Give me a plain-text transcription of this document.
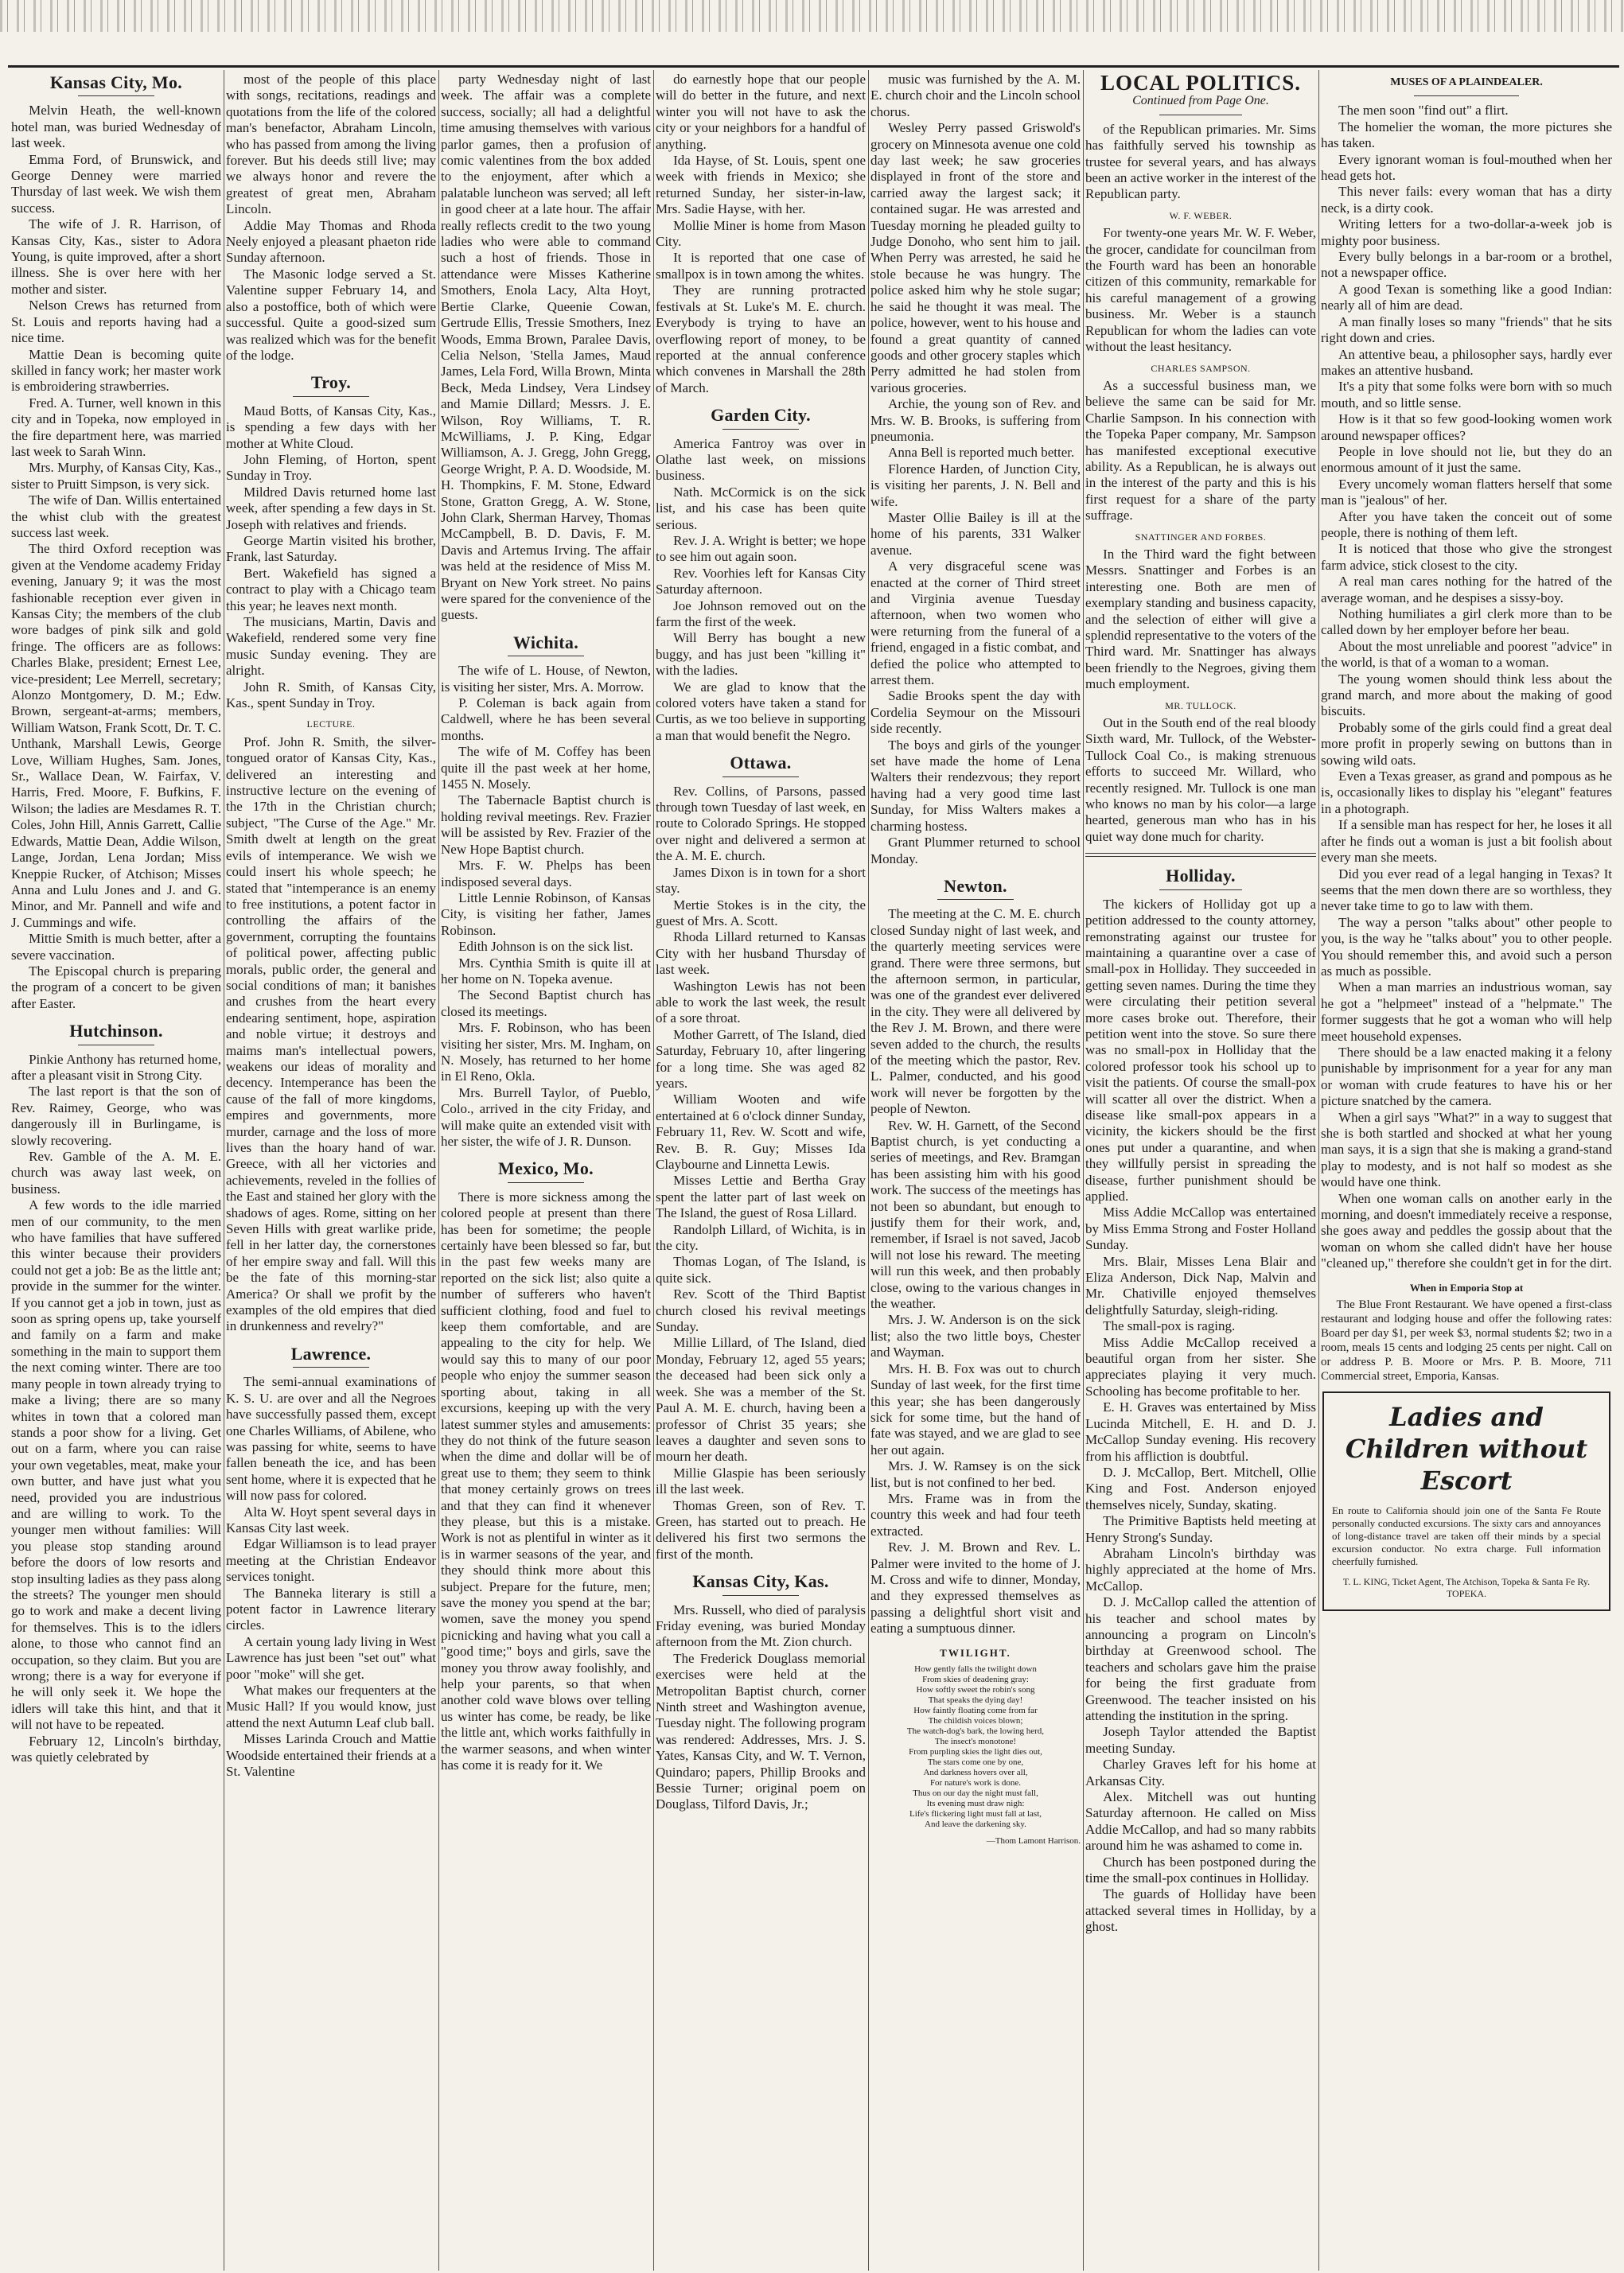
Kansas City, Mo.

Melvin Heath, the well-known hotel man, was buried Wednesday of last week.

Emma Ford, of Brunswick, and George Denney were married Thursday of last week. We wish them success.

The wife of J. R. Harrison, of Kansas City, Kas., sister to Adora Young, is quite improved, after a short illness. She is over here with her mother and sister.

Nelson Crews has returned from St. Louis and reports having had a nice time.

Mattie Dean is becoming quite skilled in fancy work; her master work is embroidering strawberries.

Fred. A. Turner, well known in this city and in Topeka, now employed in the fire department here, was married last week to Sarah Winn.

Mrs. Murphy, of Kansas City, Kas., sister to Pruitt Simpson, is very sick.

The wife of Dan. Willis entertained the whist club with the greatest success last week.

The third Oxford reception was given at the Vendome academy Friday evening, January 9; it was the most fashionable reception ever given in Kansas City; the members of the club wore badges of pink silk and gold fringe. The officers are as follows: Charles Blake, president; Ernest Lee, vice-president; Lee Merrell, secretary; Alonzo Montgomery, D. M.; Edw. Brown, sergeant-at-arms; members, William Watson, Frank Scott, Dr. T. C. Unthank, Marshall Lewis, George Love, William Hughes, Sam. Jones, Sr., Wallace Dean, W. Fairfax, V. Harris, Fred. Moore, F. Bufkins, F. Wilson; the ladies are Mesdames R. T. Coles, John Hill, Annis Garrett, Callie Edwards, Mattie Dean, Addie Wilson, Lange, Jordan, Lena Jordan; Miss Kneppie Rucker, of Atchison; Misses Anna and Lulu Jones and J. and G. Minor, and Mr. Pannell and wife and J. Cummings and wife.

Mittie Smith is much better, after a severe vaccination.

The Episcopal church is preparing the program of a concert to be given after Easter.

Hutchinson.

Pinkie Anthony has returned home, after a pleasant visit in Strong City.

The last report is that the son of Rev. Raimey, George, who was dangerously ill in Burlingame, is slowly recovering.

Rev. Gamble of the A. M. E. church was away last week, on business.

A few words to the idle married men of our community, to the men who have families that have suffered this winter because their providers could not get a job: Be as the little ant; provide in the summer for the winter. If you cannot get a job in town, just as soon as spring opens up, take yourself and family on a farm and make something in the main to support them the next coming winter. There are too many people in town already trying to make a living; there are so many whites in town that a colored man stands a poor show for a living. Get out on a farm, where you can raise your own vegetables, meat, make your own butter, and have just what you need, provided you are industrious and are willing to work. To the younger men without families: Will you please stop standing around before the doors of low resorts and stop insulting ladies as they pass along the streets? The younger men should go to work and make a decent living for themselves. This is to the idlers alone, to those who cannot find an occupation, so they claim. But you are wrong; there is a way for everyone if he will only seek it. We hope the idlers will take this hint, and that it will not have to be repeated.

February 12, Lincoln's birthday, was quietly celebrated by

most of the people of this place with songs, recitations, readings and quotations from the life of the colored man's benefactor, Abraham Lincoln, who has passed from among the living forever. But his deeds still live; may we always honor and revere the greatest of great men, Abraham Lincoln.

Addie May Thomas and Rhoda Neely enjoyed a pleasant phaeton ride Sunday afternoon.

The Masonic lodge served a St. Valentine supper February 14, and also a postoffice, both of which were successful. Quite a good-sized sum was realized which was for the benefit of the lodge.

Troy.

Maud Botts, of Kansas City, Kas., is spending a few days with her mother at White Cloud.

John Fleming, of Horton, spent Sunday in Troy.

Mildred Davis returned home last week, after spending a few days in St. Joseph with relatives and friends.

George Martin visited his brother, Frank, last Saturday.

Bert. Wakefield has signed a contract to play with a Chicago team this year; he leaves next month.

The musicians, Martin, Davis and Wakefield, rendered some very fine music Sunday evening. They are alright.

John R. Smith, of Kansas City, Kas., spent Sunday in Troy.

LECTURE.

Prof. John R. Smith, the silver-tongued orator of Kansas City, Kas., delivered an interesting and instructive lecture on the evening of the 17th in the Christian church; subject, "The Curse of the Age." Mr. Smith dwelt at length on the great evils of intemperance. We wish we could insert his whole speech; he stated that "intemperance is an enemy to free institutions, a potent factor in controlling the affairs of the government, corrupting the fountains of political power, affecting public morals, public order, the general and social conditions of man; it banishes and crushes from the heart every endearing sentiment, hope, aspiration and noble virtue; it destroys and maims man's intellectual powers, weakens our ideas of morality and decency. Intemperance has been the cause of the fall of more kingdoms, empires and governments, more murder, carnage and the loss of more lives than the hoary hand of war. Greece, with all her victories and achievements, reveled in the follies of the East and stained her glory with the shadows of ages. Rome, sitting on her Seven Hills with great warlike pride, fell in her latter day, the cornerstones of her empire sway and fall. Will this be the fate of this morning-star America? Or shall we profit by the examples of the old empires that died in drunkenness and revelry?"

Lawrence.

The semi-annual examinations of K. S. U. are over and all the Negroes have successfully passed them, except one Charles Williams, of Abilene, who was passing for white, seems to have fallen beneath the ice, and has been sent home, where it is expected that he will now pass for colored.

Alta W. Hoyt spent several days in Kansas City last week.

Edgar Williamson is to lead prayer meeting at the Christian Endeavor services tonight.

The Banneka literary is still a potent factor in Lawrence literary circles.

A certain young lady living in West Lawrence has just been "set out" what poor "moke" will she get.

What makes our frequenters at the Music Hall? If you would know, just attend the next Autumn Leaf club ball.

Misses Larinda Crouch and Mattie Woodside entertained their friends at a St. Valentine

party Wednesday night of last week. The affair was a complete success, socially; all had a delightful time amusing themselves with various parlor games, then a profusion of comic valentines from the box added to the enjoyment, after which a palatable luncheon was served; all left in good cheer at a late hour. The affair really reflects credit to the two young ladies who were able to command such a host of friends. Those in attendance were Misses Katherine Smothers, Enola Lacy, Alta Hoyt, Bertie Clarke, Queenie Cowan, Gertrude Ellis, Tressie Smothers, Inez Woods, Emma Brown, Paralee Davis, Celia Nelson, 'Stella James, Maud James, Lela Ford, Willa Brown, Minta Beck, Meda Lindsey, Vera Lindsey and Mamie Dillard; Messrs. J. E. Wilson, Roy Williams, T. R. McWilliams, J. P. King, Edgar Williamson, A. J. Gregg, John Gregg, George Wright, P. A. D. Woodside, M. H. Thompkins, F. M. Stone, Edward Stone, Gratton Gregg, A. W. Stone, John Clark, Sherman Harvey, Thomas McCampbell, B. D. Davis, F. M. Davis and Artemus Irving. The affair was held at the residence of Miss M. Bryant on New York street. No pains were spared for the convenience of the guests.

Wichita.

The wife of L. House, of Newton, is visiting her sister, Mrs. A. Morrow.

P. Coleman is back again from Caldwell, where he has been several months.

The wife of M. Coffey has been quite ill the past week at her home, 1455 N. Mosely.

The Tabernacle Baptist church is holding revival meetings. Rev. Frazier will be assisted by Rev. Frazier of the New Hope Baptist church.

Mrs. F. W. Phelps has been indisposed several days.

Little Lennie Robinson, of Kansas City, is visiting her father, James Robinson.

Edith Johnson is on the sick list.

Mrs. Cynthia Smith is quite ill at her home on N. Topeka avenue.

The Second Baptist church has closed its meetings.

Mrs. F. Robinson, who has been visiting her sister, Mrs. M. Ingham, on N. Mosely, has returned to her home in El Reno, Okla.

Mrs. Burrell Taylor, of Pueblo, Colo., arrived in the city Friday, and will make quite an extended visit with her sister, the wife of J. R. Dunson.

Mexico, Mo.

There is more sickness among the colored people at present than there has been for sometime; the people certainly have been blessed so far, but in the past few weeks many are reported on the sick list; also quite a number of sufferers who haven't sufficient clothing, food and fuel to keep them comfortable, and are appealing to the city for help. We would say this to many of our poor people who enjoy the summer season sporting about, taking in all excursions, keeping up with the very latest summer styles and amusements: they do not think of the future season when the dime and dollar will be of great use to them; they seem to think that money certainly grows on trees and that they can find it whenever they please, but this is a mistake. Work is not as plentiful in winter as it is in warmer seasons of the year, and they should think more about this subject. Prepare for the future, men; save the money you spend at the bar; women, save the money you spend picnicking and having what you call a "good time;" boys and girls, save the money you throw away foolishly, and help your parents, so that when another cold wave blows over telling us winter has come, be ready, be like the little ant, which works faithfully in the warmer seasons, and when winter has come it is ready for it. We

do earnestly hope that our people will do better in the future, and next winter you will not have to ask the city or your neighbors for a handful of anything.

Ida Hayse, of St. Louis, spent one week with friends in Mexico; she returned Sunday, her sister-in-law, Mrs. Sadie Hayse, with her.

Mollie Miner is home from Mason City.

It is reported that one case of smallpox is in town among the whites.

They are running protracted festivals at St. Luke's M. E. church. Everybody is trying to have an overflowing report of money, to be reported at the annual conference which convenes in Marshall the 28th of March.

Garden City.

America Fantroy was over in Olathe last week, on missions business.

Nath. McCormick is on the sick list, and his case has been quite serious.

Rev. J. A. Wright is better; we hope to see him out again soon.

Rev. Voorhies left for Kansas City Saturday afternoon.

Joe Johnson removed out on the farm the first of the week.

Will Berry has bought a new buggy, and has just been "killing it" with the ladies.

We are glad to know that the colored voters have taken a stand for Curtis, as we too believe in supporting a man that would benefit the Negro.

Ottawa.

Rev. Collins, of Parsons, passed through town Tuesday of last week, en route to Colorado Springs. He stopped over night and delivered a sermon at the A. M. E. church.

James Dixon is in town for a short stay.

Mertie Stokes is in the city, the guest of Mrs. A. Scott.

Rhoda Lillard returned to Kansas City with her husband Thursday of last week.

Washington Lewis has not been able to work the last week, the result of a sore throat.

Mother Garrett, of The Island, died Saturday, February 10, after lingering for a long time. She was aged 82 years.

William Wooten and wife entertained at 6 o'clock dinner Sunday, February 11, Rev. W. Scott and wife, Rev. B. R. Guy; Misses Ida Claybourne and Linnetta Lewis.

Misses Lettie and Bertha Gray spent the latter part of last week on The Island, the guest of Rosa Lillard.

Randolph Lillard, of Wichita, is in the city.

Thomas Logan, of The Island, is quite sick.

Rev. Scott of the Third Baptist church closed his revival meetings Sunday.

Millie Lillard, of The Island, died Monday, February 12, aged 55 years; the deceased had been sick only a week. She was a member of the St. Paul A. M. E. church, having been a professor of Christ 35 years; she leaves a daughter and seven sons to mourn her death.

Millie Glaspie has been seriously ill the last week.

Thomas Green, son of Rev. T. Green, has started out to preach. He delivered his first two sermons the first of the month.

Kansas City, Kas.

Mrs. Russell, who died of paralysis Friday evening, was buried Monday afternoon from the Mt. Zion church.

The Frederick Douglass memorial exercises were held at the Metropolitan Baptist church, corner Ninth street and Washington avenue, Tuesday night. The following program was rendered: Addresses, Mrs. J. S. Yates, Kansas City, and W. T. Vernon, Quindaro; papers, Phillip Brooks and Bessie Turner; original poem on Douglass, Tilford Davis, Jr.;

music was furnished by the A. M. E. church choir and the Lincoln school chorus.

Wesley Perry passed Griswold's grocery on Minnesota avenue one cold day last week; he saw groceries displayed in front of the store and carried away the largest sack; it contained sugar. He was arrested and Tuesday morning he pleaded guilty to Judge Donoho, who sent him to jail. When Perry was arrested, he said he stole because he was hungry. The police asked him why he stole sugar; he said he thought it was meal. The police, however, went to his house and found a great quantity of canned goods and other grocery staples which Perry admitted he had stolen from various groceries.

Archie, the young son of Rev. and Mrs. W. B. Brooks, is suffering from pneumonia.

Anna Bell is reported much better.

Florence Harden, of Junction City, is visiting her parents, J. N. Bell and wife.

Master Ollie Bailey is ill at the home of his parents, 331 Walker avenue.

A very disgraceful scene was enacted at the corner of Third street and Virginia avenue Tuesday afternoon, when two women who were returning from the funeral of a friend, engaged in a fistic combat, and defied the police who attempted to arrest them.

Sadie Brooks spent the day with Cordelia Seymour on the Missouri side recently.

The boys and girls of the younger set have made the home of Lena Walters their rendezvous; they report having had a very good time last Sunday, for Miss Walters makes a charming hostess.

Grant Plummer returned to school Monday.

Newton.

The meeting at the C. M. E. church closed Sunday night of last week, and the quarterly meeting services were grand. There were three sermons, but the afternoon sermon, in particular, was one of the grandest ever delivered in the city. They were all delivered by the Rev J. M. Brown, and there were seven added to the church, the results of the meeting which the pastor, Rev. L. Palmer, conducted, and his good work will never be forgotten by the people of Newton.

Rev. W. H. Garnett, of the Second Baptist church, is yet conducting a series of meetings, and Rev. Bramgan has been assisting him with his good work. The success of the meetings has not been so abundant, but enough to justify them for their work, and, remember, if Israel is not saved, Jacob will not lose his reward. The meeting will run this week, and then probably close, owing to the various changes in the weather.

Mrs. J. W. Anderson is on the sick list; also the two little boys, Chester and Wayman.

Mrs. H. B. Fox was out to church Sunday of last week, for the first time this year; she has been dangerously sick for some time, but the hand of fate was stayed, and we are glad to see her out again.

Mrs. J. W. Ramsey is on the sick list, but is not confined to her bed.

Mrs. Frame was in from the country this week and had four teeth extracted.

Rev. J. M. Brown and Rev. L. Palmer were invited to the home of J. M. Cross and wife to dinner, Monday, and they expressed themselves as passing a delightful short visit and eating a sumptuous dinner.

TWILIGHT.

How gently falls the twilight down

From skies of deadening gray:

How softly sweet the robin's song

That speaks the dying day!

How faintly floating come from far

The childish voices blown;

The watch-dog's bark, the lowing herd,

The insect's monotone!

From purpling skies the light dies out,

The stars come one by one,

And darkness hovers over all,

For nature's work is done.

Thus on our day the night must fall,

Its evening must draw nigh:

Life's flickering light must fall at last,

And leave the darkening sky.

—Thom Lamont Harrison.
LOCAL POLITICS.
Continued from Page One.

of the Republican primaries. Mr. Sims has faithfully served his township as trustee for several years, and has always been an active worker in the interest of the Republican party.

W. F. WEBER.

For twenty-one years Mr. W. F. Weber, the grocer, candidate for councilman from the Fourth ward has been an honorable citizen of this community, remarkable for his careful management of a growing business. Mr. Weber is a staunch Republican for whom the ladies can vote without the least hesitancy.

CHARLES SAMPSON.

As a successful business man, we believe the same can be said for Mr. Charlie Sampson. In his connection with the Topeka Paper company, Mr. Sampson has manifested exceptional executive ability. As a Republican, he is always out in the interest of the party and this is his first request for a share of the party suffrage.

SNATTINGER AND FORBES.

In the Third ward the fight between Messrs. Snattinger and Forbes is an interesting one. Both are men of exemplary standing and business capacity, and the selection of either will give a splendid representative to the voters of the Third ward. Mr. Snattinger has always been friendly to the Negroes, giving them much employment.

MR. TULLOCK.

Out in the South end of the real bloody Sixth ward, Mr. Tullock, of the Webster-Tullock Coal Co., is making strenuous efforts to succeed Mr. Willard, who recently resigned. Mr. Tullock is one man who knows no man by his color—a large hearted, generous man who has in his quiet way done much for charity.

Holliday.

The kickers of Holliday got up a petition addressed to the county attorney, remonstrating against our trustee for maintaining a quarantine over a case of small-pox in Holliday. They succeeded in getting seven names. During the time they were circulating their petition several more cases broke out. Therefore, their petition went into the stove. So sure there was no small-pox in Holliday that the colored professor took his school up to visit the patients. Of course the small-pox will scatter all over the district. When a disease like small-pox appears in a vicinity, the kickers should be the first ones put under a quarantine, and when they willfully persist in spreading the disease, further punishment should be applied.

Miss Addie McCallop was entertained by Miss Emma Strong and Foster Holland Sunday.

Mrs. Blair, Misses Lena Blair and Eliza Anderson, Dick Nap, Malvin and Mr. Chativille enjoyed themselves delightfully Saturday, sleigh-riding.

The small-pox is raging.

Miss Addie McCallop received a beautiful organ from her sister. She appreciates playing it very much. Schooling has become profitable to her.

E. H. Graves was entertained by Miss Lucinda Mitchell, E. H. and D. J. McCallop Sunday evening. His recovery from his affliction is doubtful.

D. J. McCallop, Bert. Mitchell, Ollie King and Fost. Anderson enjoyed themselves nicely, Sunday, skating.

The Primitive Baptists held meeting at Henry Strong's Sunday.

Abraham Lincoln's birthday was highly appreciated at the home of Mrs. McCallop.

D. J. McCallop called the attention of his teacher and school mates by announcing a program on Lincoln's birthday at Greenwood school. The teachers and scholars gave him the praise for being the first graduate from Greenwood. The teacher insisted on his attending the institution in the spring.

Joseph Taylor attended the Baptist meeting Sunday.

Charley Graves left for his home at Arkansas City.

Alex. Mitchell was out hunting Saturday afternoon. He called on Miss Addie McCallop, and had so many rabbits around him he was ashamed to come in.

Church has been postponed during the time the small-pox continues in Holliday.

The guards of Holliday have been attacked several times in Holliday, by a ghost.

MUSES OF A PLAINDEALER.

The men soon "find out" a flirt.

The homelier the woman, the more pictures she has taken.

Every ignorant woman is foul-mouthed when her head gets hot.

This never fails: every woman that has a dirty neck, is a dirty cook.

Writing letters for a two-dollar-a-week job is mighty poor business.

Every bully belongs in a bar-room or a brothel, not a newspaper office.

A good Texan is something like a good Indian: nearly all of him are dead.

A man finally loses so many "friends" that he sits right down and cries.

An attentive beau, a philosopher says, hardly ever makes an attentive husband.

It's a pity that some folks were born with so much mouth, and so little sense.

How is it that so few good-looking women work around newspaper offices?

People in love should not lie, but they do an enormous amount of it just the same.

Every uncomely woman flatters herself that some man is "jealous" of her.

After you have taken the conceit out of some people, there is nothing of them left.

It is noticed that those who give the strongest farm advice, stick closest to the city.

A real man cares nothing for the hatred of the average woman, and he despises a sissy-boy.

Nothing humiliates a girl clerk more than to be called down by her employer before her beau.

About the most unreliable and poorest "advice" in the world, is that of a woman to a woman.

The young women should think less about the grand march, and more about the making of good biscuits.

Probably some of the girls could find a great deal more profit in properly sewing on buttons than in sowing wild oats.

Even a Texas greaser, as grand and pompous as he is, occasionally likes to display his "elegant" features in a photograph.

If a sensible man has respect for her, he loses it all after he finds out a woman is just a bit foolish about every man she meets.

Did you ever read of a legal hanging in Texas? It seems that the men down there are so worthless, they never take time to go to law with them.

The way a person "talks about" other people to you, is the way he "talks about" you to other people. You should remember this, and avoid such a person as much as possible.

When a man marries an industrious woman, say he got a "helpmeet" instead of a "helpmate." The former suggests that he got a woman who will help meet household expenses.

There should be a law enacted making it a felony punishable by imprisonment for a year for any man or woman with crude features to have his or her picture snatched by the camera.

When a girl says "What?" in a way to suggest that she is both startled and shocked at what her young man says, it is a sign that she is making a grand-stand play to modesty, and is not half so modest as she would have one think.

When one woman calls on another early in the morning, and doesn't immediately receive a response, she goes away and peddles the gossip about that the woman on whom she called didn't have her house "cleaned up," therefore she couldn't get in for the dirt.

When in Emporia Stop at

The Blue Front Restaurant. We have opened a first-class restaurant and lodging house and offer the following rates: Board per day $1, per week $3, normal students $2; two in a room, meals 15 cents and lodging 25 cents per night. Call on or address P. B. Moore or Mrs. P. B. Moore, 711 Commercial street, Emporia, Kansas.

Ladies and Children without Escort
En route to California should join one of the Santa Fe Route personally conducted excursions. The sixty cars and annoyances of long-distance travel are taken off their minds by a special excursion conductor. No extra charge. Full information cheerfully furnished.
T. L. KING, Ticket Agent, The Atchison, Topeka & Santa Fe Ry. TOPEKA.
